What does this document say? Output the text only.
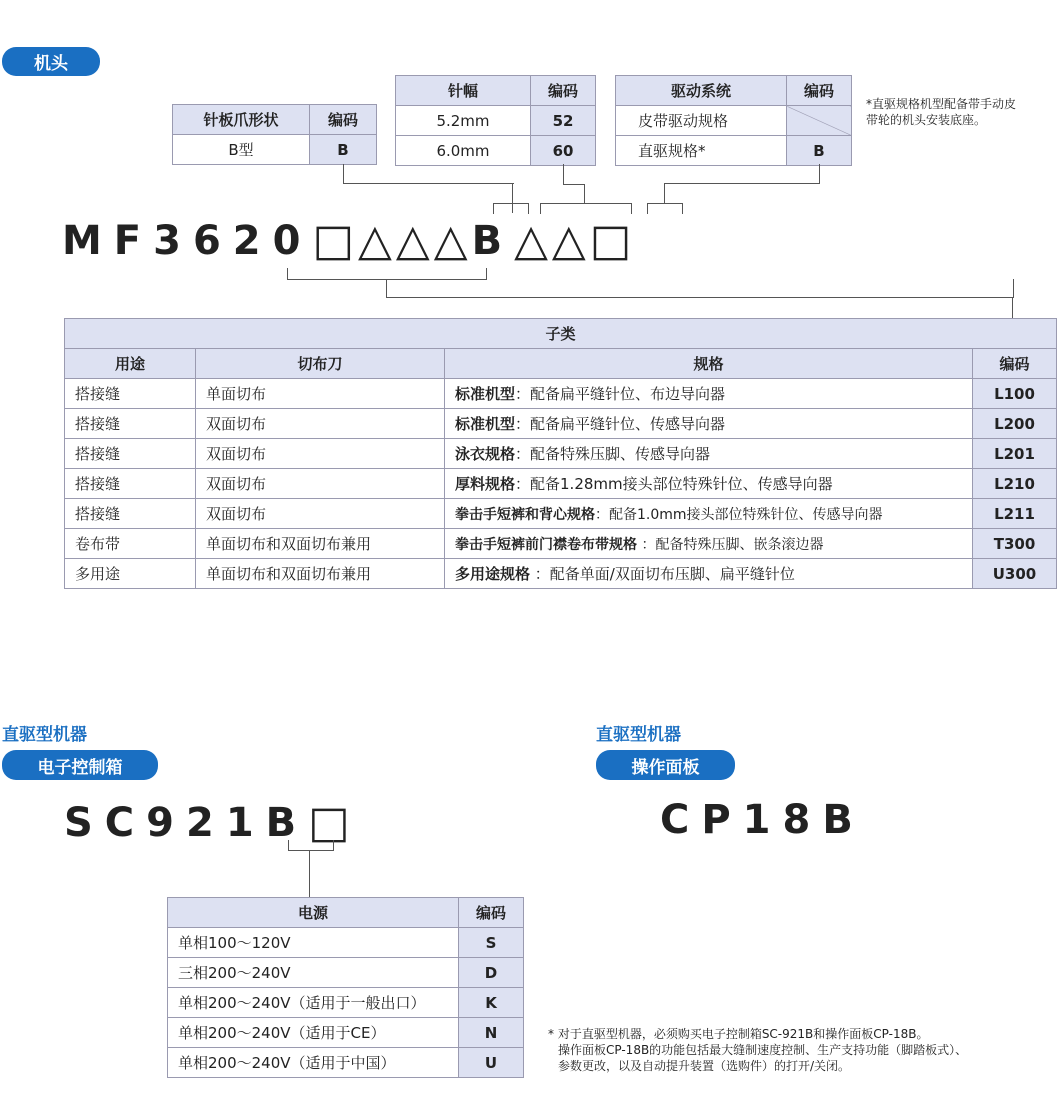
机头
针板爪形状	编码
B型	B
针幅	编码
5.2mm	52
6.0mm	60
驱动系统	编码
皮带驱动规格	
直驱规格*	B
*直驱规格机型配备带手动皮带轮的机头安装底座。
MF3620 □ △ △ △ B △ △ □
子类			
用途	切布刀	规格	编码
搭接缝	单面切布	标准机型：配备扁平缝针位、布边导向器	L100
搭接缝	双面切布	标准机型：配备扁平缝针位、传感导向器	L200
搭接缝	双面切布	泳衣规格：配备特殊压脚、传感导向器	L201
搭接缝	双面切布	厚料规格：配备1.28mm接头部位特殊针位、传感导向器	L210
搭接缝	双面切布	拳击手短裤和背心规格：配备1.0mm接头部位特殊针位、传感导向器	L211
卷布带	单面切布和双面切布兼用	拳击手短裤前门襟卷布带规格 ：配备特殊压脚、嵌条滚边器	T300
多用途	单面切布和双面切布兼用	多用途规格 ：配备单面/双面切布压脚、扁平缝针位	U300
直驱型机器
电子控制箱
SC921B □
电源	编码
单相100～120V	S
三相200～240V	D
单相200～240V（适用于一般出口）	K
单相200～240V（适用于CE）	N
单相200～240V（适用于中国）	U
直驱型机器
操作面板
CP18B
* 对于直驱型机器，必须购买电子控制箱SC-921B和操作面板CP-18B。
操作面板CP-18B的功能包括最大缝制速度控制、生产支持功能（脚踏板式）、
参数更改，以及自动提升装置（选购件）的打开/关闭。
